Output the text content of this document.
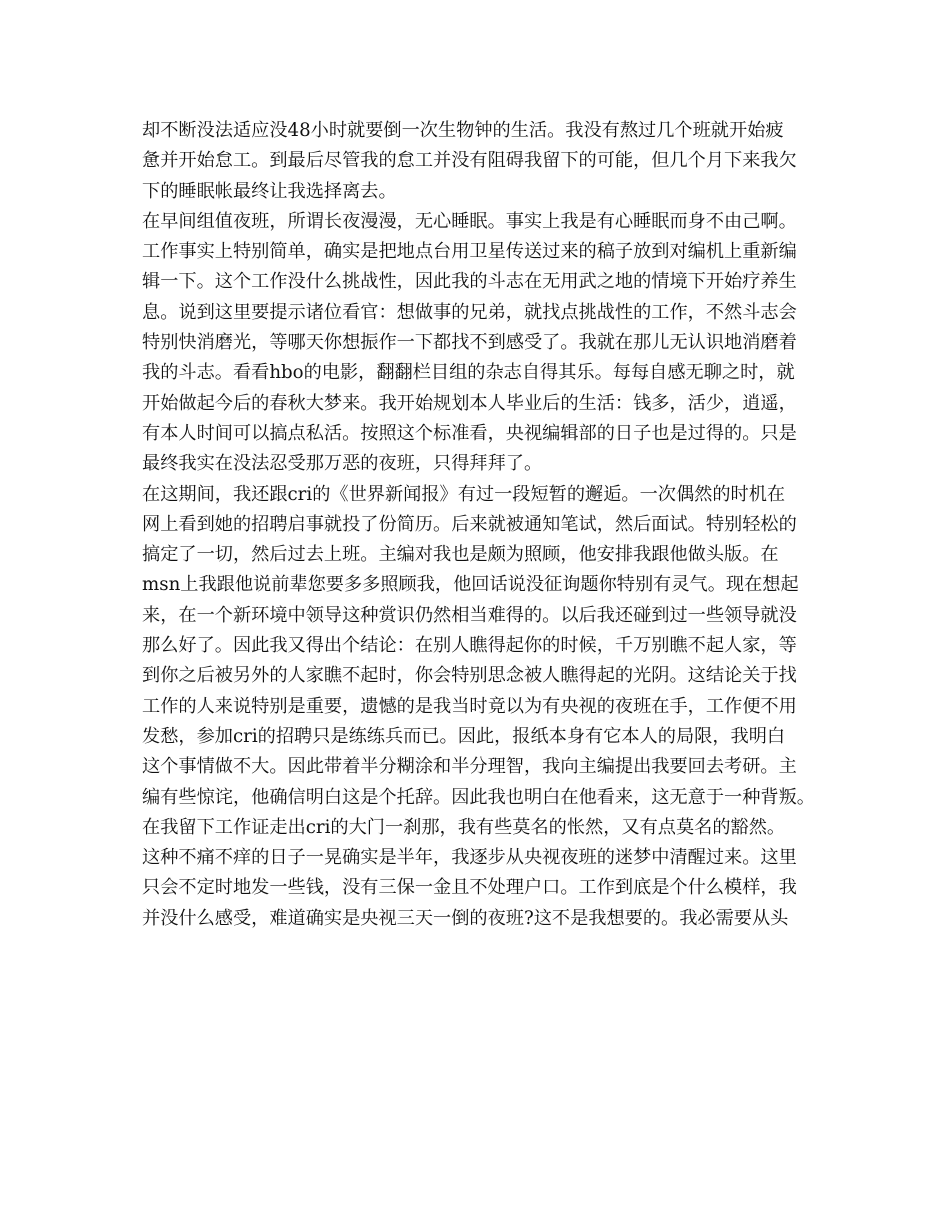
却不断没法适应没48小时就要倒一次生物钟的生活。我没有熬过几个班就开始疲
惫并开始怠工。到最后尽管我的怠工并没有阻碍我留下的可能，但几个月下来我欠
下的睡眠帐最终让我选择离去。
在早间组值夜班，所谓长夜漫漫，无心睡眠。事实上我是有心睡眠而身不由己啊。
工作事实上特别简单，确实是把地点台用卫星传送过来的稿子放到对编机上重新编
辑一下。这个工作没什么挑战性，因此我的斗志在无用武之地的情境下开始疗养生
息。说到这里要提示诸位看官：想做事的兄弟，就找点挑战性的工作，不然斗志会
特别快消磨光，等哪天你想振作一下都找不到感受了。我就在那儿无认识地消磨着
我的斗志。看看hbo的电影，翻翻栏目组的杂志自得其乐。每每自感无聊之时，就
开始做起今后的春秋大梦来。我开始规划本人毕业后的生活：钱多，活少，逍遥，
有本人时间可以搞点私活。按照这个标准看，央视编辑部的日子也是过得的。只是
最终我实在没法忍受那万恶的夜班，只得拜拜了。
在这期间，我还跟cri的《世界新闻报》有过一段短暂的邂逅。一次偶然的时机在
网上看到她的招聘启事就投了份简历。后来就被通知笔试，然后面试。特别轻松的
搞定了一切，然后过去上班。主编对我也是颇为照顾，他安排我跟他做头版。在
msn上我跟他说前辈您要多多照顾我，他回话说没征询题你特别有灵气。现在想起
来，在一个新环境中领导这种赏识仍然相当难得的。以后我还碰到过一些领导就没
那么好了。因此我又得出个结论：在别人瞧得起你的时候，千万别瞧不起人家，等
到你之后被另外的人家瞧不起时，你会特别思念被人瞧得起的光阴。这结论关于找
工作的人来说特别是重要，遗憾的是我当时竟以为有央视的夜班在手，工作便不用
发愁，参加cri的招聘只是练练兵而已。因此，报纸本身有它本人的局限，我明白
这个事情做不大。因此带着半分糊涂和半分理智，我向主编提出我要回去考研。主
编有些惊诧，他确信明白这是个托辞。因此我也明白在他看来，这无意于一种背叛。
在我留下工作证走出cri的大门一刹那，我有些莫名的怅然，又有点莫名的豁然。
这种不痛不痒的日子一晃确实是半年，我逐步从央视夜班的迷梦中清醒过来。这里
只会不定时地发一些钱，没有三保一金且不处理户口。工作到底是个什么模样，我
并没什么感受，难道确实是央视三天一倒的夜班?这不是我想要的。我必需要从头
